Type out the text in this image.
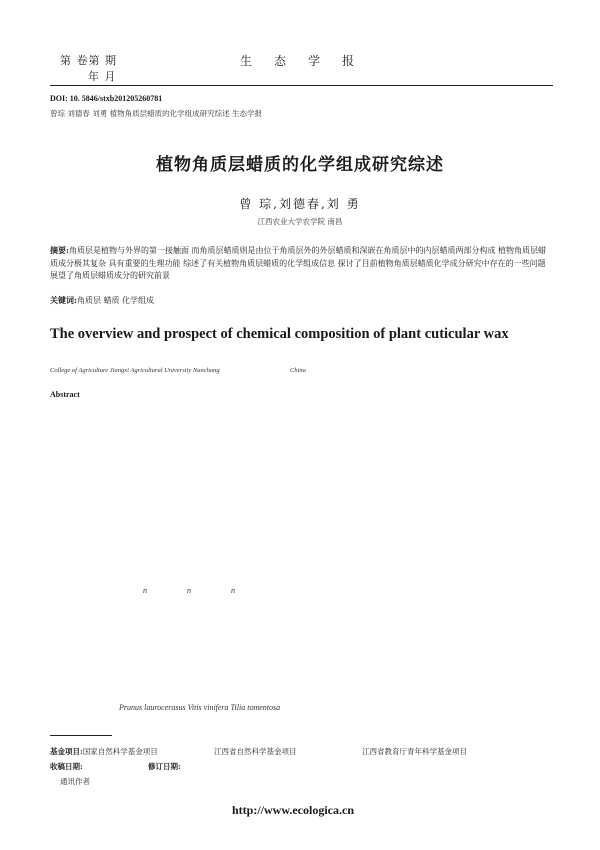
第 卷第 期
年 月
生态学报
DOI: 10. 5846/stxb201205260781
曾琮 刘德春 刘勇 植物角质层蜡质的化学组成研究综述 生态学报
植物角质层蜡质的化学组成研究综述
曾 琮,刘德春,刘 勇
江西农业大学农学院 南昌
摘要:角质层是植物与外界的第一接触面 而角质层蜡质则是由位于角质层外的外层蜡质和深嵌在角质层中的内层蜡质两部分构成 植物角质层蜡质成分极其复杂 具有重要的生理功能 综述了有关植物角质层蜡质的化学组成信息 探讨了目前植物角质层蜡质化学成分研究中存在的一些问题 展望了角质层蜡质成分的研究前景
关键词:角质层 蜡质 化学组成
The overview and prospect of chemical composition of plant cuticular wax
College of Agriculture Jiangxi Agricultural University Nanchang	China
Abstract
n	n	n
Prunus laurocerasus Vitis vinifera Tilia tomentosa
基金项目:国家自然科学基金项目	江西省自然科学基金项目	江西省教育厅青年科学基金项目
收稿日期:	修订日期:
通讯作者
http://www.ecologica.cn
